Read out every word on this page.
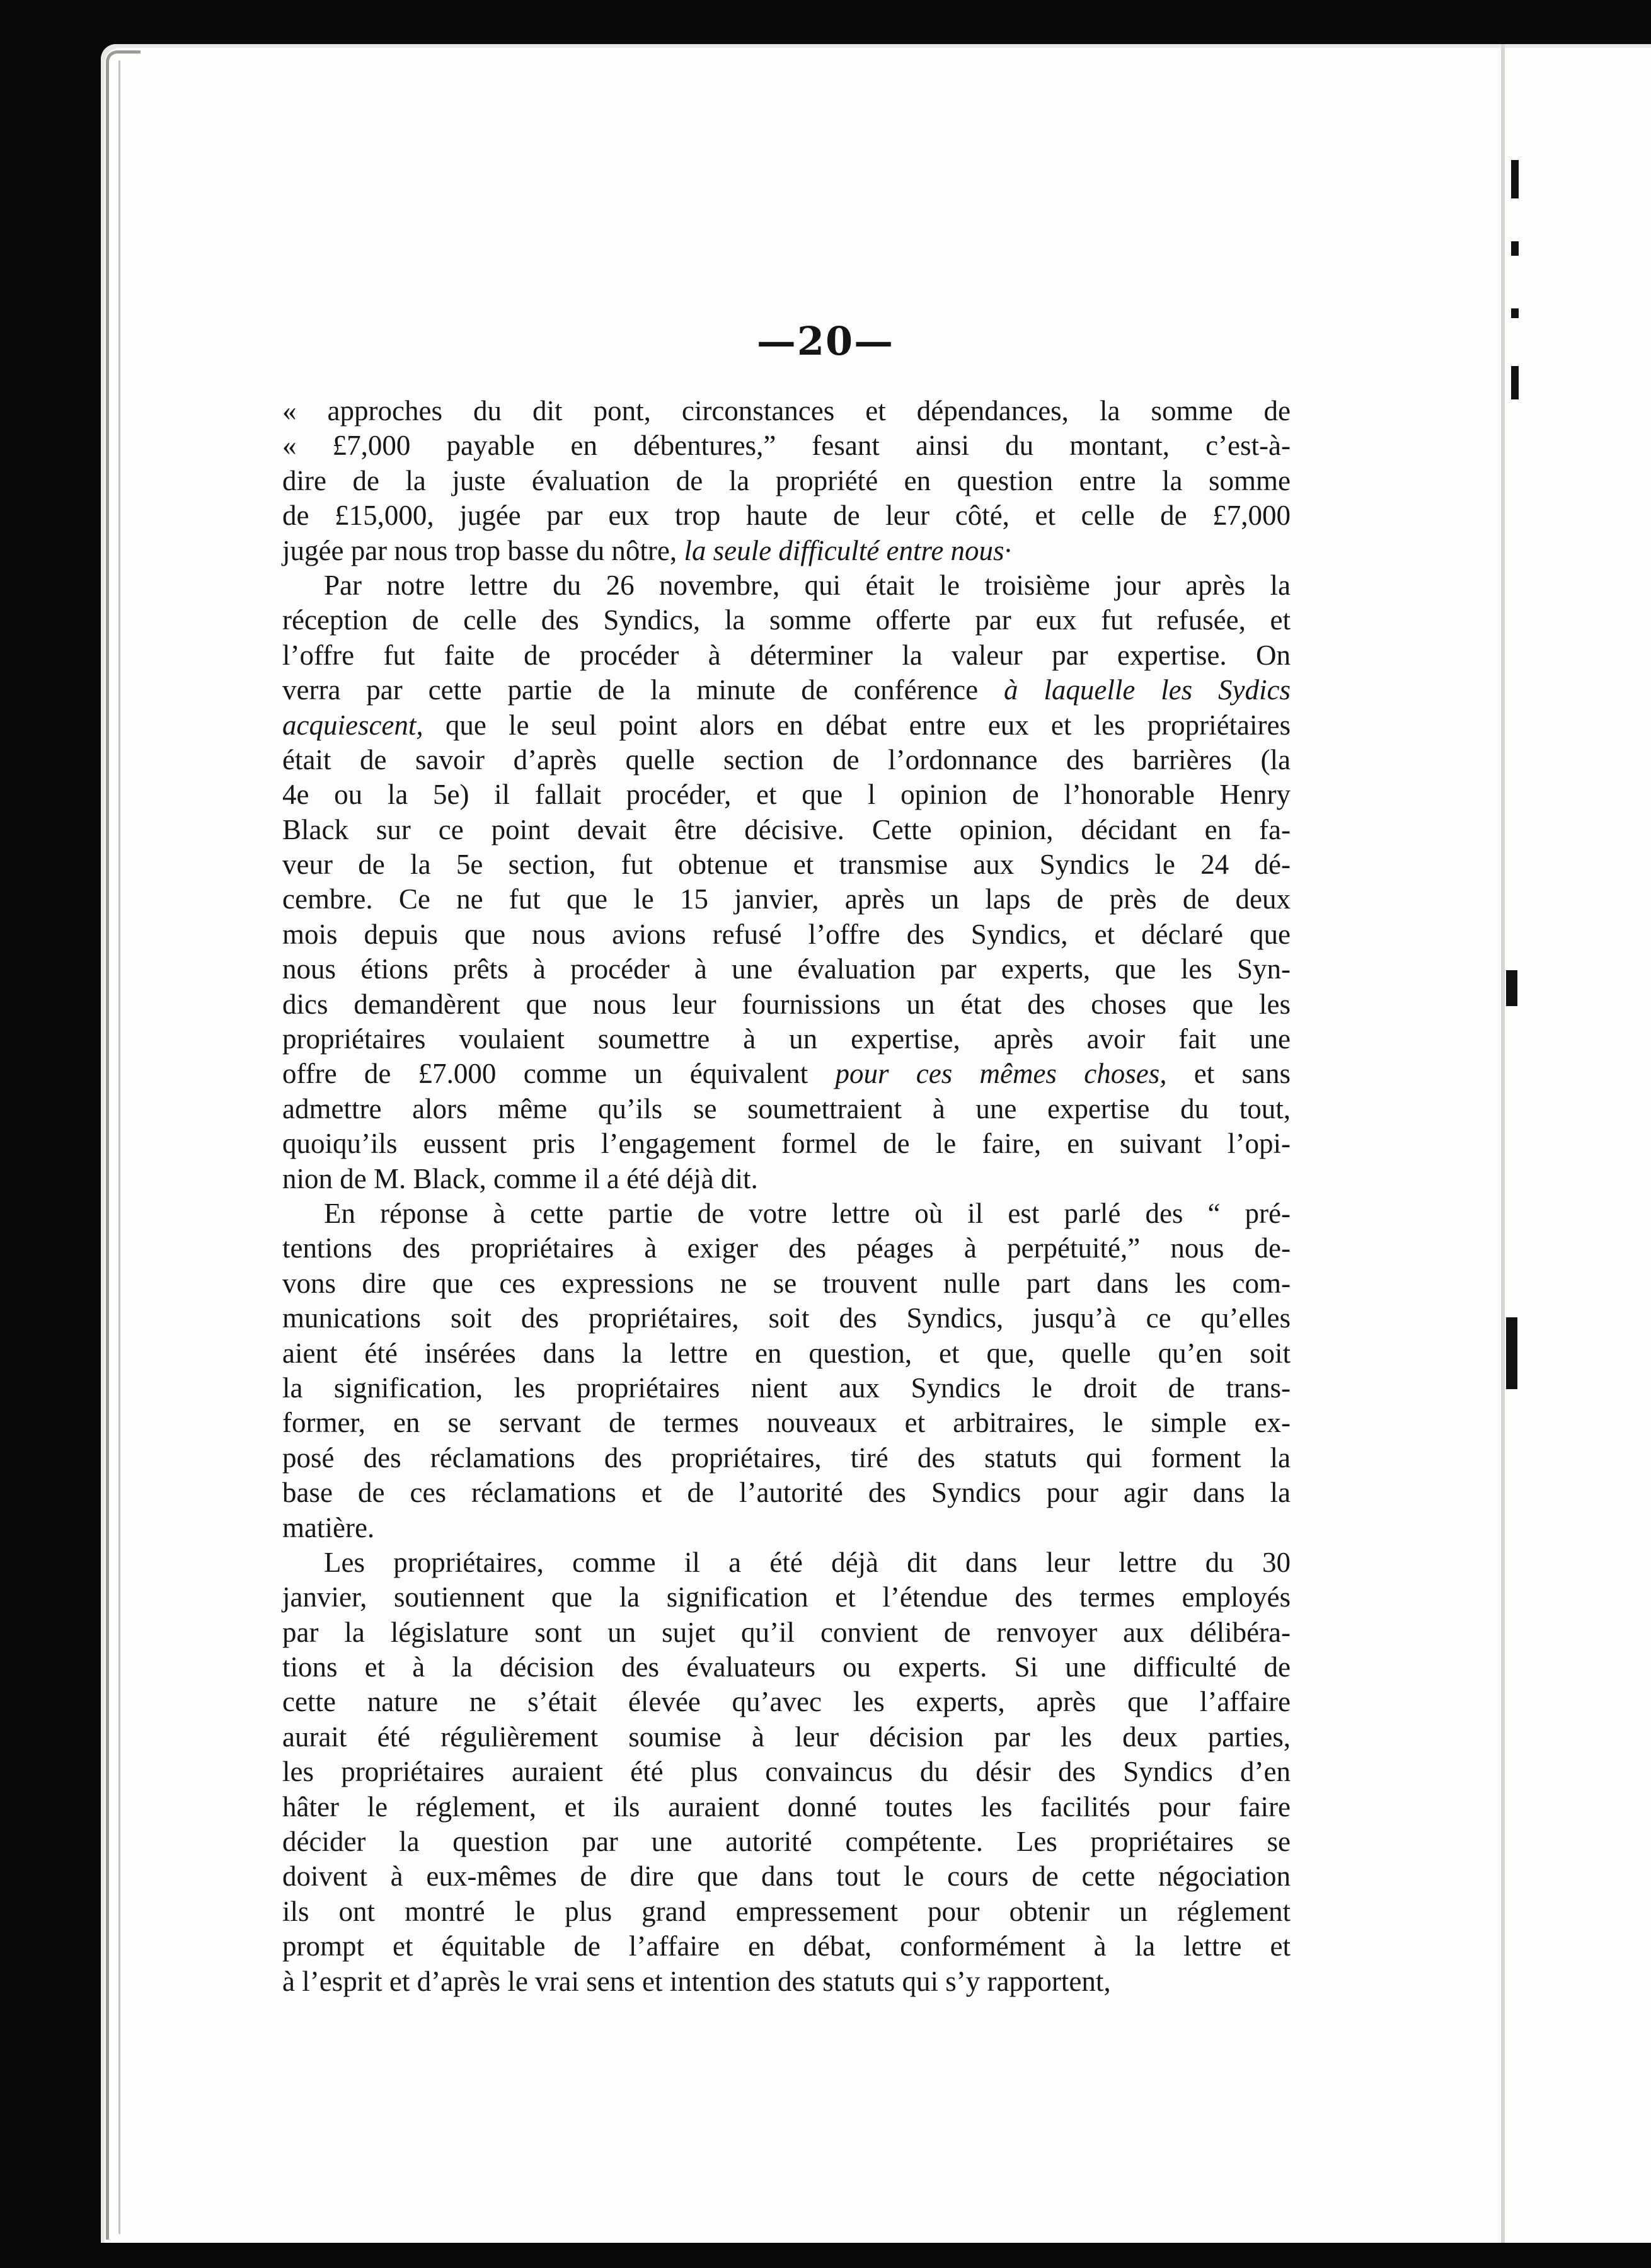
—20—
« approches du dit pont, circonstances et dépendances, la somme de
« £7,000 payable en débentures,” fesant ainsi du montant, c’est-à-
dire de la juste évaluation de la propriété en question entre la somme
de £15,000, jugée par eux trop haute de leur côté, et celle de £7,000
jugée par nous trop basse du nôtre, la seule difficulté entre nous·
Par notre lettre du 26 novembre, qui était le troisième jour après la
réception de celle des Syndics, la somme offerte par eux fut refusée, et
l’offre fut faite de procéder à déterminer la valeur par expertise. On
verra par cette partie de la minute de conférence à laquelle les Sydics
acquiescent, que le seul point alors en débat entre eux et les propriétaires
était de savoir d’après quelle section de l’ordonnance des barrières (la
4e ou la 5e) il fallait procéder, et que l opinion de l’honorable Henry
Black sur ce point devait être décisive. Cette opinion, décidant en fa-
veur de la 5e section, fut obtenue et transmise aux Syndics le 24 dé-
cembre. Ce ne fut que le 15 janvier, après un laps de près de deux
mois depuis que nous avions refusé l’offre des Syndics, et déclaré que
nous étions prêts à procéder à une évaluation par experts, que les Syn-
dics demandèrent que nous leur fournissions un état des choses que les
propriétaires voulaient soumettre à un expertise, après avoir fait une
offre de £7.000 comme un équivalent pour ces mêmes choses, et sans
admettre alors même qu’ils se soumettraient à une expertise du tout,
quoiqu’ils eussent pris l’engagement formel de le faire, en suivant l’opi-
nion de M. Black, comme il a été déjà dit.
En réponse à cette partie de votre lettre où il est parlé des “ pré-
tentions des propriétaires à exiger des péages à perpétuité,” nous de-
vons dire que ces expressions ne se trouvent nulle part dans les com-
munications soit des propriétaires, soit des Syndics, jusqu’à ce qu’elles
aient été insérées dans la lettre en question, et que, quelle qu’en soit
la signification, les propriétaires nient aux Syndics le droit de trans-
former, en se servant de termes nouveaux et arbitraires, le simple ex-
posé des réclamations des propriétaires, tiré des statuts qui forment la
base de ces réclamations et de l’autorité des Syndics pour agir dans la
matière.
Les propriétaires, comme il a été déjà dit dans leur lettre du 30
janvier, soutiennent que la signification et l’étendue des termes employés
par la législature sont un sujet qu’il convient de renvoyer aux délibéra-
tions et à la décision des évaluateurs ou experts. Si une difficulté de
cette nature ne s’était élevée qu’avec les experts, après que l’affaire
aurait été régulièrement soumise à leur décision par les deux parties,
les propriétaires auraient été plus convaincus du désir des Syndics d’en
hâter le réglement, et ils auraient donné toutes les facilités pour faire
décider la question par une autorité compétente. Les propriétaires se
doivent à eux-mêmes de dire que dans tout le cours de cette négociation
ils ont montré le plus grand empressement pour obtenir un réglement
prompt et équitable de l’affaire en débat, conformément à la lettre et
à l’esprit et d’après le vrai sens et intention des statuts qui s’y rapportent,
